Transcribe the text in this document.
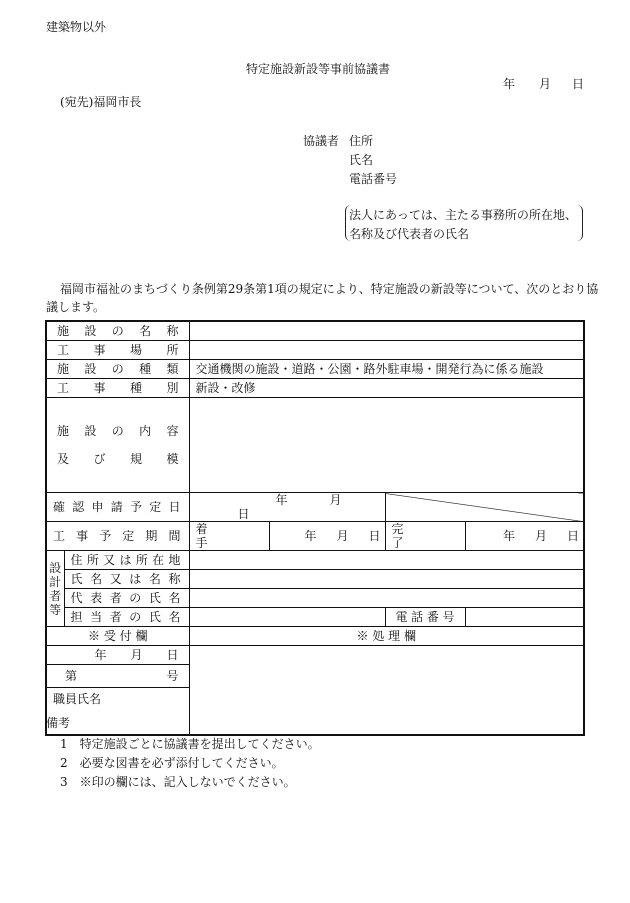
建築物以外
特定施設新設等事前協議書
年 月 日
(宛先)福岡市長
協議者 住所
氏名
電話番号
法人にあっては、主たる事務所の所在地、
名称及び代表者の氏名
福岡市福祉のまちづくり条例第29条第1項の規定により、特定施設の新設等について、次のとおり協
議します。
施設の名称					
工事場所					
施設の種類		交通機関の施設・道路・公園・路外駐車場・開発行為に係る施設			
工事種別		新設・改修			

施設の内容
及び規模					

確認申請予定日		年 月日			
工事予定期間		着手	年 月 日	完了	年 月 日

設
計
者
等	住所又は所在地				
	氏名又は名称				
	代表者の氏名				
	担当者の氏名			電話番号	
※ 受 付 欄		※ 処 理 欄			
年 月 日					
第 号					

職員氏名					
備考
1 特定施設ごとに協議書を提出してください。
2 必要な図書を必ず添付してください。
3 ※印の欄には、記入しないでください。
